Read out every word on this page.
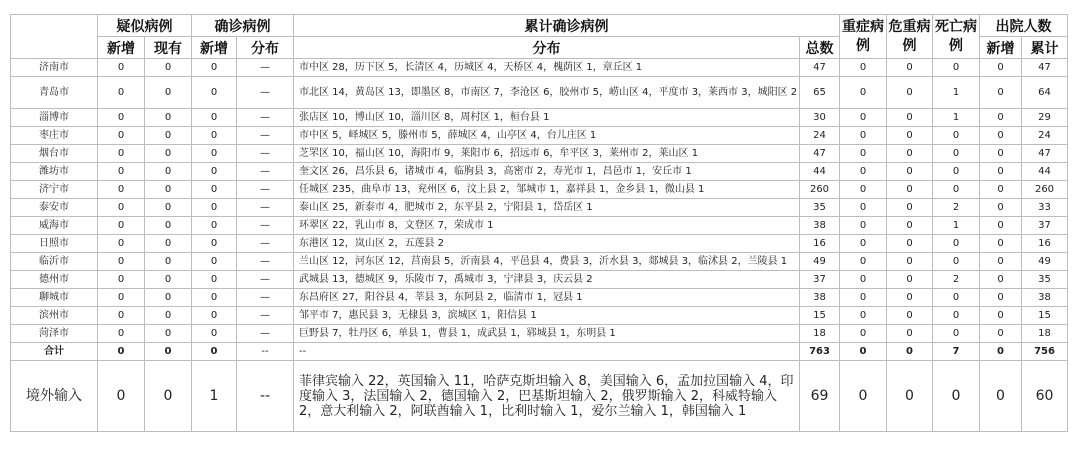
	疑似病例		确诊病例		累计确诊病例		重症病例	危重病例	死亡病例	出院人数	
	新增	现有	新增	分布	分布	总数				新增	累计
济南市	0	0	0	—	市中区 28，历下区 5，长清区 4，历城区 4，天桥区 4，槐荫区 1，章丘区 1	47	0	0	0	0	47
青岛市	0	0	0	—	市北区 14，黄岛区 13，即墨区 8，市南区 7，李沧区 6，胶州市 5，崂山区 4，平度市 3，莱西市 3，城阳区 2	65	0	0	1	0	64
淄博市	0	0	0	—	张店区 10，博山区 10，淄川区 8，周村区 1，桓台县 1	30	0	0	1	0	29
枣庄市	0	0	0	—	市中区 5，峄城区 5，滕州市 5，薛城区 4，山亭区 4，台儿庄区 1	24	0	0	0	0	24
烟台市	0	0	0	—	芝罘区 10，福山区 10，海阳市 9，莱阳市 6，招远市 6，牟平区 3，莱州市 2，莱山区 1	47	0	0	0	0	47
潍坊市	0	0	0	—	奎文区 26，昌乐县 6，诸城市 4，临朐县 3，高密市 2，寿光市 1，昌邑市 1，安丘市 1	44	0	0	0	0	44
济宁市	0	0	0	—	任城区 235，曲阜市 13，兖州区 6，汶上县 2，邹城市 1，嘉祥县 1，金乡县 1，微山县 1	260	0	0	0	0	260
泰安市	0	0	0	—	泰山区 25，新泰市 4，肥城市 2，东平县 2，宁阳县 1，岱岳区 1	35	0	0	2	0	33
威海市	0	0	0	—	环翠区 22，乳山市 8，文登区 7，荣成市 1	38	0	0	1	0	37
日照市	0	0	0	—	东港区 12，岚山区 2，五莲县 2	16	0	0	0	0	16
临沂市	0	0	0	—	兰山区 12，河东区 12，莒南县 5，沂南县 4，平邑县 4，费县 3，沂水县 3，郯城县 3，临沭县 2，兰陵县 1	49	0	0	0	0	49
德州市	0	0	0	—	武城县 13，德城区 9，乐陵市 7，禹城市 3，宁津县 3，庆云县 2	37	0	0	2	0	35
聊城市	0	0	0	—	东昌府区 27，阳谷县 4，莘县 3，东阿县 2，临清市 1，冠县 1	38	0	0	0	0	38
滨州市	0	0	0	—	邹平市 7，惠民县 3，无棣县 3，滨城区 1，阳信县 1	15	0	0	0	0	15
菏泽市	0	0	0	—	巨野县 7，牡丹区 6，单县 1，曹县 1，成武县 1，郓城县 1，东明县 1	18	0	0	0	0	18
合计	0	0	0	--	--	763	0	0	7	0	756
境外输入	0	0	1	--	菲律宾输入 22，英国输入 11，哈萨克斯坦输入 8，美国输入 6，孟加拉国输入 4，印度输入 3，法国输入 2，德国输入 2，巴基斯坦输入 2，俄罗斯输入 2，科威特输入 2，意大利输入 2，阿联酋输入 1，比利时输入 1，爱尔兰输入 1，韩国输入 1	69	0	0	0	0	60
